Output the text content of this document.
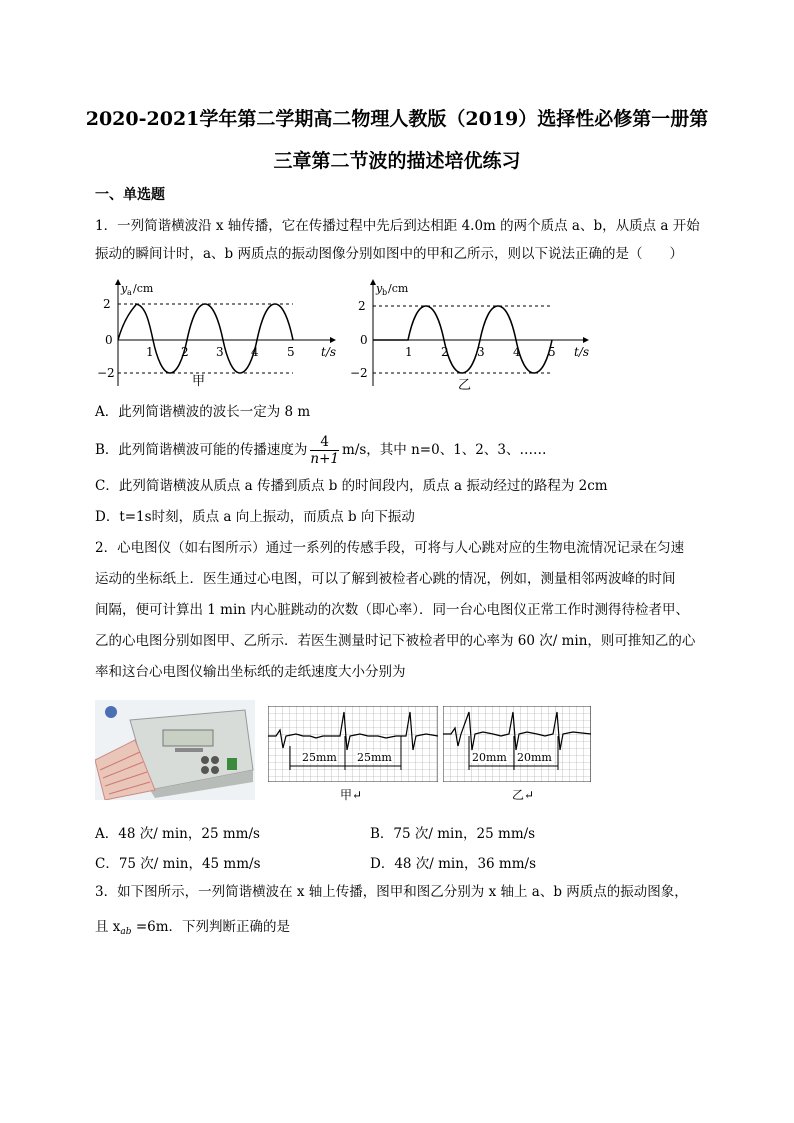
2020-2021学年第二学期高二物理人教版（2019）选择性必修第一册第
三章第二节波的描述培优练习
一、单选题
1．一列简谐横波沿 x 轴传播，它在传播过程中先后到达相距 4.0m 的两个质点 a、b，从质点 a 开始
振动的瞬间计时，a、b 两质点的振动图像分别如图中的甲和乙所示，则以下说法正确的是（　　）
2
0
−2
1 2 3 4 5 t/s
y a /cm
甲
2
0
−2
1 2 3 4 5 t/s
y b /cm
乙
A．此列简谐横波的波长一定为 8 m
B．此列简谐横波可能的传播速度为 $\frac{4}{n+1} m/s$，其中 n=0、1、2、3、……
C．此列简谐横波从质点 a 传播到质点 b 的时间段内，质点 a 振动经过的路程为 2cm
D．t=1s时刻，质点 a 向上振动，而质点 b 向下振动
2．心电图仪（如右图所示）通过一系列的传感手段，可将与人心跳对应的生物电流情况记录在匀速
运动的坐标纸上．医生通过心电图，可以了解到被检者心跳的情况，例如，测量相邻两波峰的时间
间隔，便可计算出 1 min 内心脏跳动的次数（即心率）．同一台心电图仪正常工作时测得待检者甲、
乙的心电图分别如图甲、乙所示．若医生测量时记下被检者甲的心率为 60 次/ min，则可推知乙的心
率和这台心电图仪输出坐标纸的走纸速度大小分别为
25mm 25mm
甲↵
20mm 20mm
乙↵
A．48 次/ min，25 mm/s	B．75 次/ min，25 mm/s
C．75 次/ min，45 mm/s	D．48 次/ min，36 mm/s
3．如下图所示，一列简谐横波在 x 轴上传播，图甲和图乙分别为 x 轴上 a、b 两质点的振动图象，
且 $x_{ab} =6m$．下列判断正确的是
